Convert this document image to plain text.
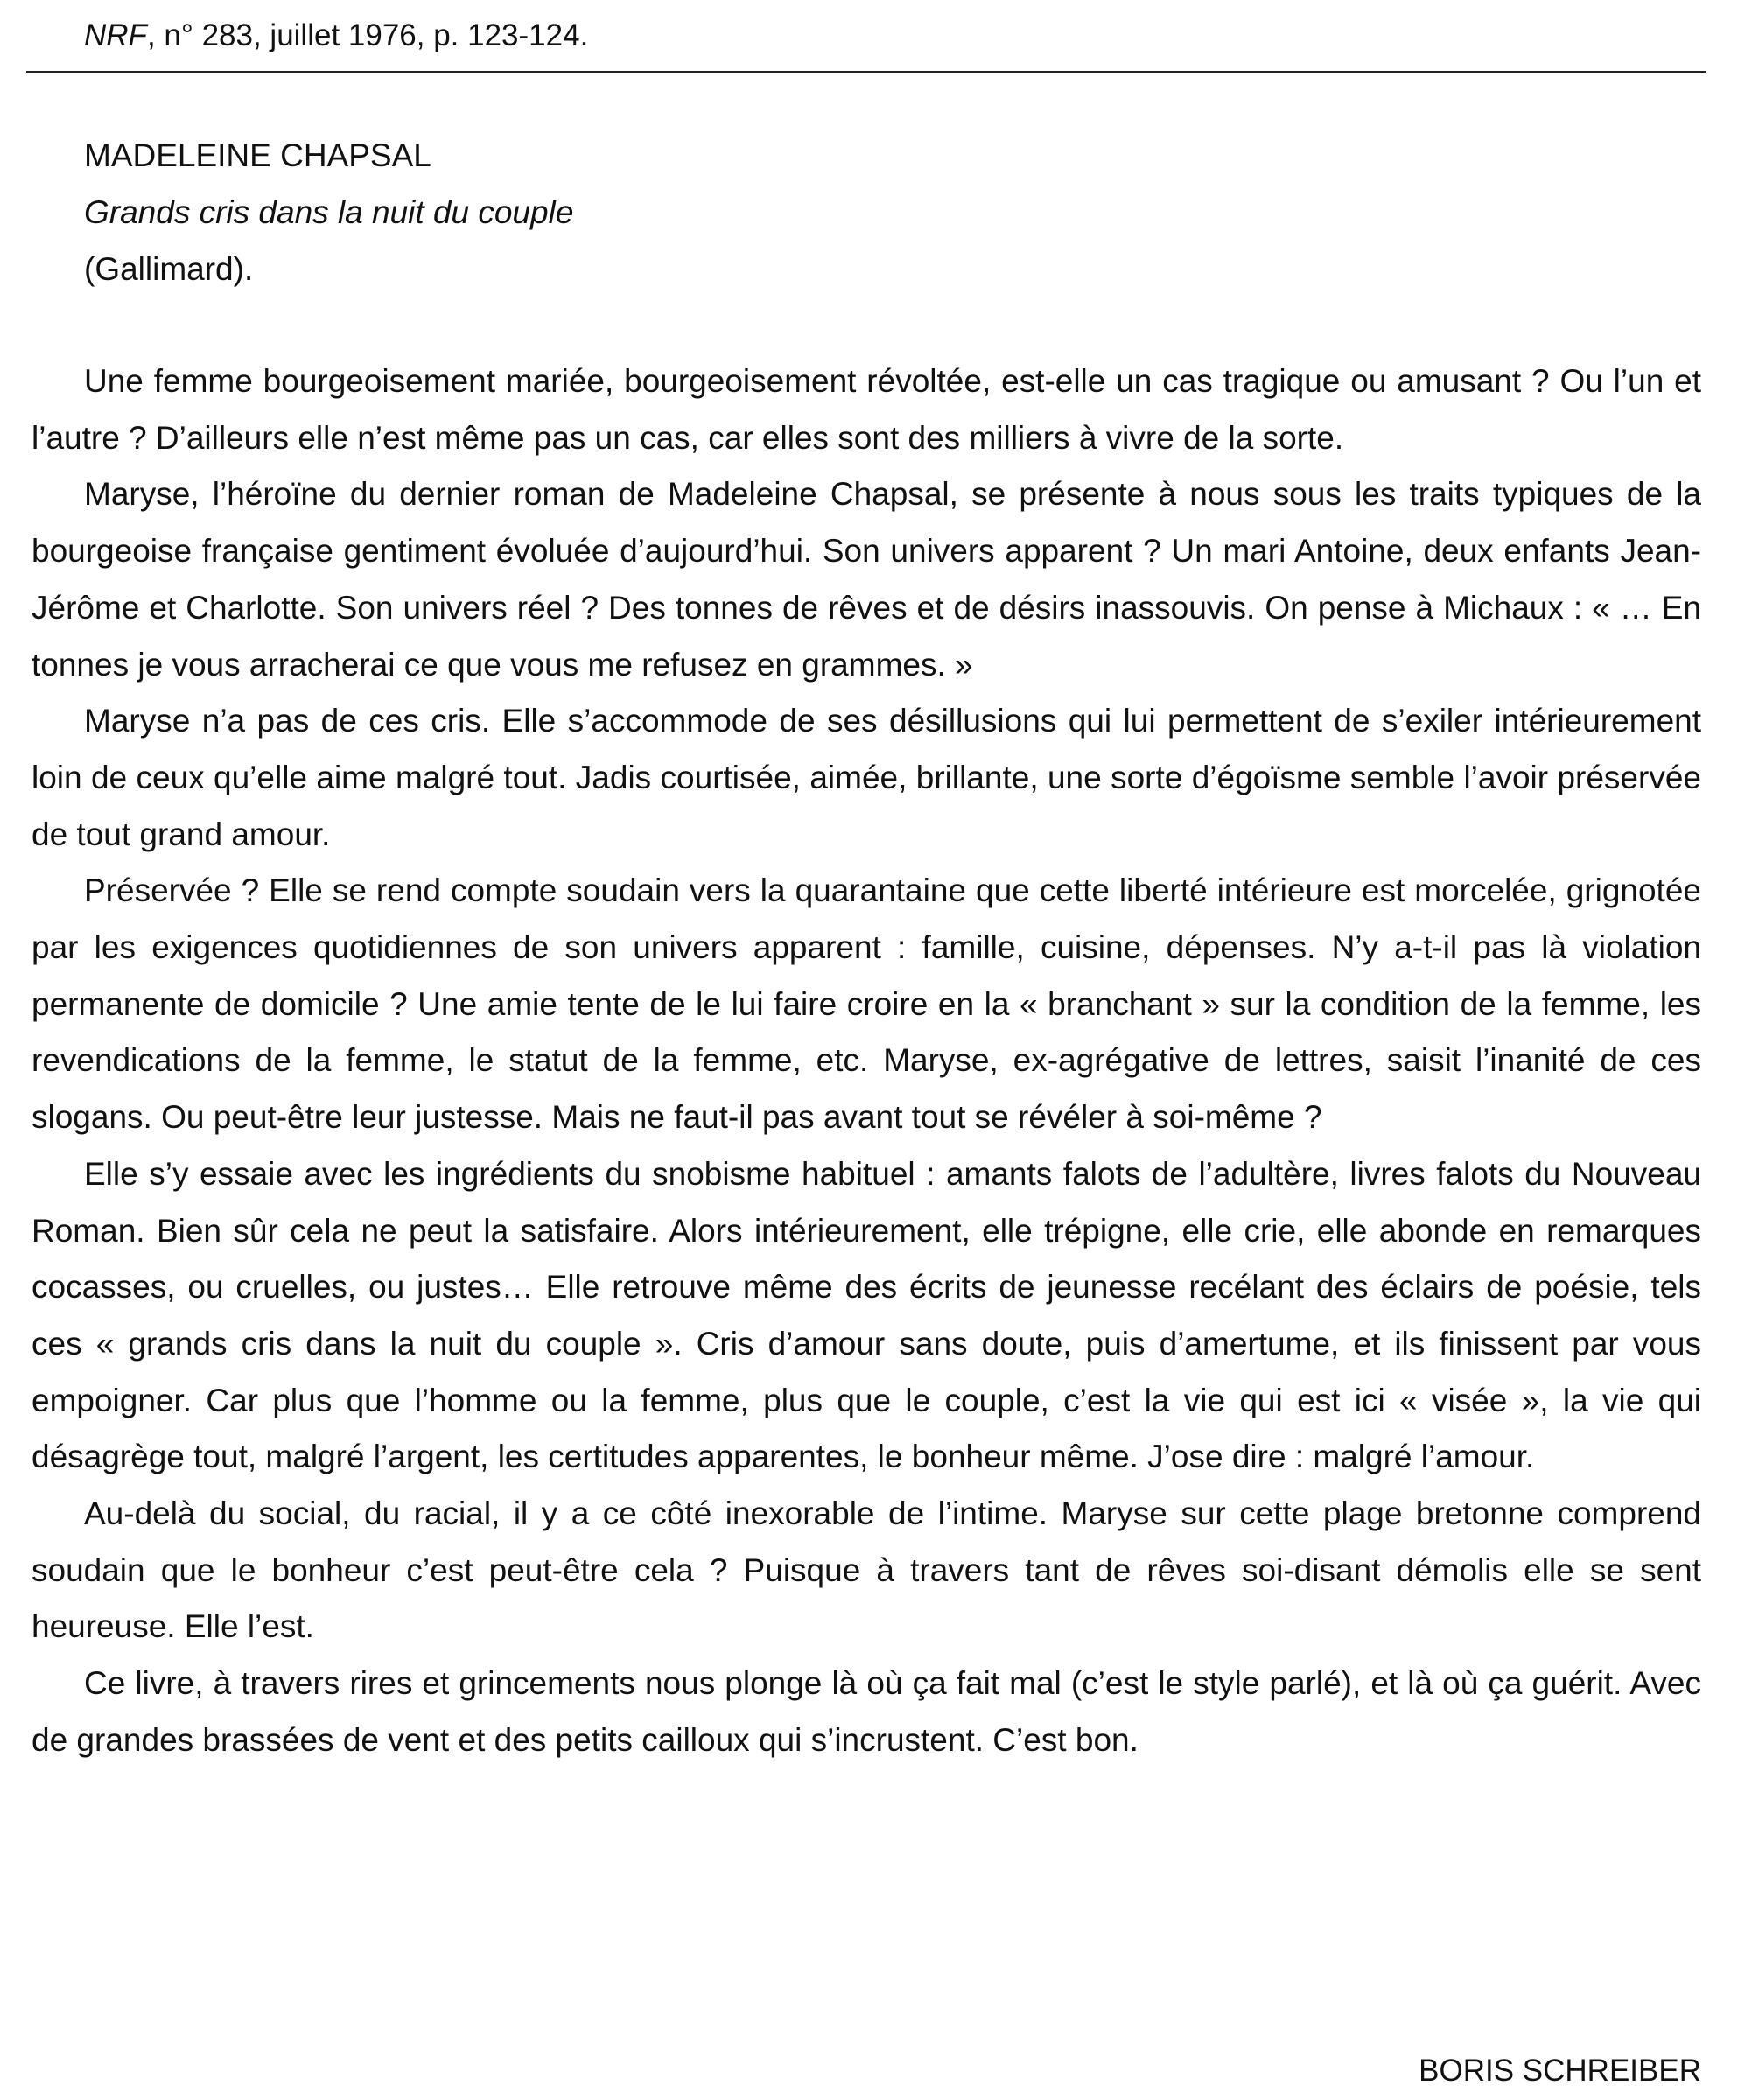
NRF, n° 283, juillet 1976, p. 123-124.
MADELEINE CHAPSAL
Grands cris dans la nuit du couple
(Gallimard).

Une femme bourgeoisement mariée, bourgeoisement révoltée, est-elle un cas tragique ou amusant ? Ou l’un et l’autre ? D’ailleurs elle n’est même pas un cas, car elles sont des milliers à vivre de la sorte.

Maryse, l’héroïne du dernier roman de Madeleine Chapsal, se présente à nous sous les traits typiques de la bourgeoise française gentiment évoluée d’aujourd’hui. Son univers apparent ? Un mari Antoine, deux enfants Jean-Jérôme et Charlotte. Son univers réel ? Des tonnes de rêves et de désirs inassouvis. On pense à Michaux : « … En tonnes je vous arracherai ce que vous me refusez en grammes. »

Maryse n’a pas de ces cris. Elle s’accommode de ses désillusions qui lui permettent de s’exiler intérieurement loin de ceux qu’elle aime malgré tout. Jadis courtisée, aimée, brillante, une sorte d’égoïsme semble l’avoir préservée de tout grand amour.

Préservée ? Elle se rend compte soudain vers la quarantaine que cette liberté intérieure est morcelée, grignotée par les exigences quotidiennes de son univers apparent : famille, cuisine, dépenses. N’y a-t-il pas là violation permanente de domicile ? Une amie tente de le lui faire croire en la « branchant » sur la condition de la femme, les revendications de la femme, le statut de la femme, etc. Maryse, ex-agrégative de lettres, saisit l’inanité de ces slogans. Ou peut-être leur justesse. Mais ne faut-il pas avant tout se révéler à soi-même ?

Elle s’y essaie avec les ingrédients du snobisme habituel : amants falots de l’adultère, livres falots du Nouveau Roman. Bien sûr cela ne peut la satisfaire. Alors intérieurement, elle trépigne, elle crie, elle abonde en remarques cocasses, ou cruelles, ou justes… Elle retrouve même des écrits de jeunesse recélant des éclairs de poésie, tels ces « grands cris dans la nuit du couple ». Cris d’amour sans doute, puis d’amertume, et ils finissent par vous empoigner. Car plus que l’homme ou la femme, plus que le couple, c’est la vie qui est ici « visée », la vie qui désagrège tout, malgré l’argent, les certitudes apparentes, le bonheur même. J’ose dire : malgré l’amour.

Au-delà du social, du racial, il y a ce côté inexorable de l’intime. Maryse sur cette plage bretonne comprend soudain que le bonheur c’est peut-être cela ? Puisque à travers tant de rêves soi-disant démolis elle se sent heureuse. Elle l’est.

Ce livre, à travers rires et grincements nous plonge là où ça fait mal (c’est le style parlé), et là où ça guérit. Avec de grandes brassées de vent et des petits cailloux qui s’incrustent. C’est bon.

BORIS SCHREIBER
